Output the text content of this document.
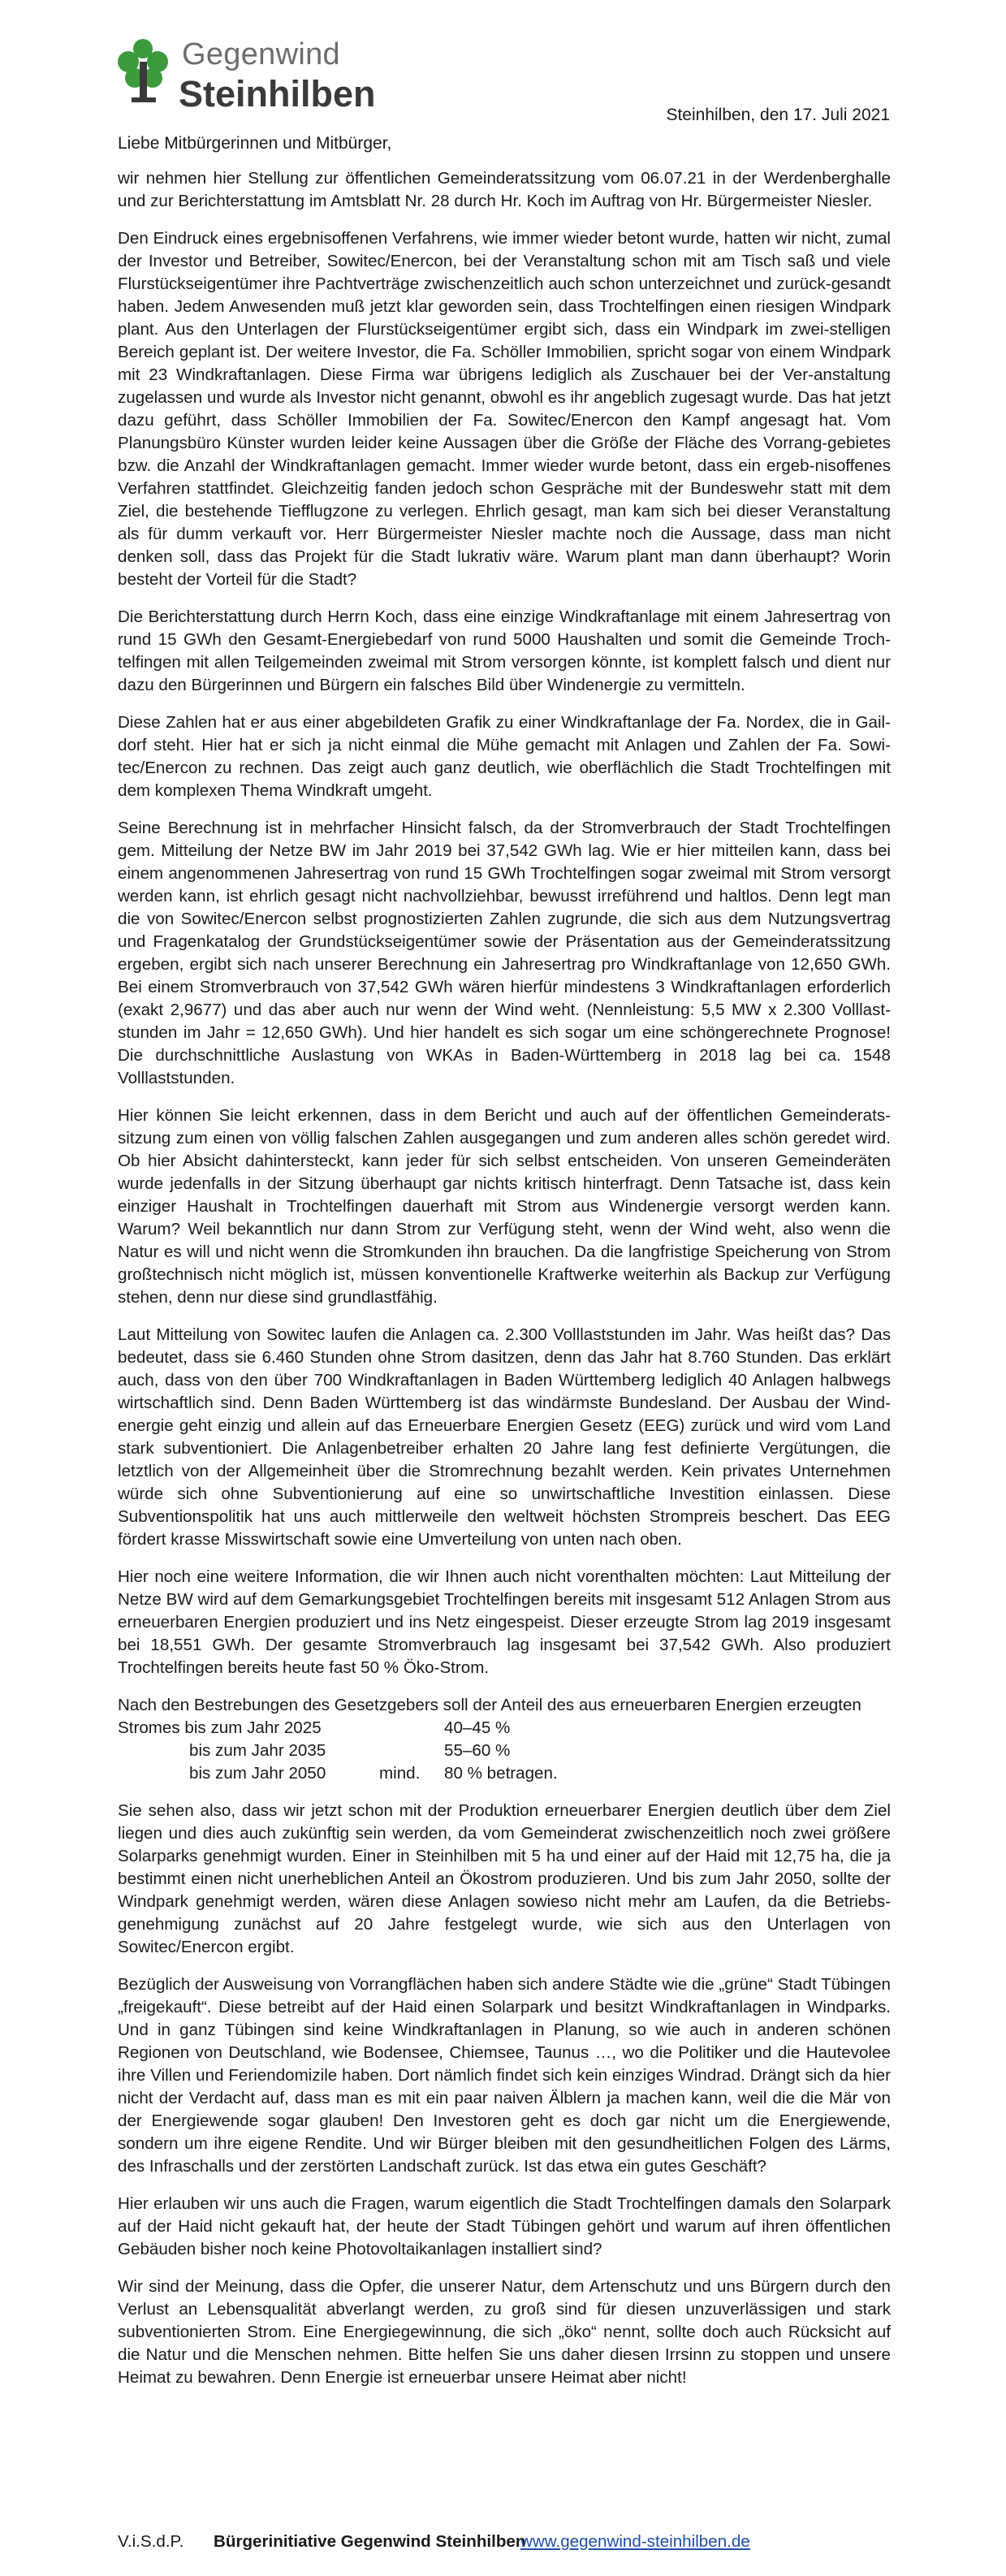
Gegenwind
Steinhilben
Steinhilben, den 17. Juli 2021
Liebe Mitbürgerinnen und Mitbürger,

wir nehmen hier Stellung zur öffentlichen Gemeinderatssitzung vom 06.07.21 in der Werdenberghalle und zur Berichterstattung im Amtsblatt Nr. 28 durch Hr. Koch im Auftrag von Hr. Bürgermeister Niesler.

Den Eindruck eines ergebnisoffenen Verfahrens, wie immer wieder betont wurde, hatten wir nicht, zumal der Investor und Betreiber, Sowitec/Enercon, bei der Veranstaltung schon mit am Tisch saß und viele Flurstückseigentümer ihre Pachtverträge zwischenzeitlich auch schon unterzeichnet und zurück-gesandt haben. Jedem Anwesenden muß jetzt klar geworden sein, dass Trochtelfingen einen riesigen Windpark plant. Aus den Unterlagen der Flurstückseigentümer ergibt sich, dass ein Windpark im zwei-stelligen Bereich geplant ist. Der weitere Investor, die Fa. Schöller Immobilien, spricht sogar von einem Windpark mit 23 Windkraftanlagen. Diese Firma war übrigens lediglich als Zuschauer bei der Ver-anstaltung zugelassen und wurde als Investor nicht genannt, obwohl es ihr angeblich zugesagt wurde. Das hat jetzt dazu geführt, dass Schöller Immobilien der Fa. Sowitec/Enercon den Kampf angesagt hat. Vom Planungsbüro Künster wurden leider keine Aussagen über die Größe der Fläche des Vorrang-gebietes bzw. die Anzahl der Windkraftanlagen gemacht. Immer wieder wurde betont, dass ein ergeb-nisoffenes Verfahren stattfindet. Gleichzeitig fanden jedoch schon Gespräche mit der Bundeswehr statt mit dem Ziel, die bestehende Tiefflugzone zu verlegen. Ehrlich gesagt, man kam sich bei dieser Veranstaltung als für dumm verkauft vor. Herr Bürgermeister Niesler machte noch die Aussage, dass man nicht denken soll, dass das Projekt für die Stadt lukrativ wäre. Warum plant man dann überhaupt? Worin besteht der Vorteil für die Stadt?

Die Berichterstattung durch Herrn Koch, dass eine einzige Windkraftanlage mit einem Jahresertrag von rund 15 GWh den Gesamt-Energiebedarf von rund 5000 Haushalten und somit die Gemeinde Troch-telfingen mit allen Teilgemeinden zweimal mit Strom versorgen könnte, ist komplett falsch und dient nur dazu den Bürgerinnen und Bürgern ein falsches Bild über Windenergie zu vermitteln.

Diese Zahlen hat er aus einer abgebildeten Grafik zu einer Windkraftanlage der Fa. Nordex, die in Gail-dorf steht. Hier hat er sich ja nicht einmal die Mühe gemacht mit Anlagen und Zahlen der Fa. Sowi-tec/Enercon zu rechnen. Das zeigt auch ganz deutlich, wie oberflächlich die Stadt Trochtelfingen mit dem komplexen Thema Windkraft umgeht.

Seine Berechnung ist in mehrfacher Hinsicht falsch, da der Stromverbrauch der Stadt Trochtelfingen gem. Mitteilung der Netze BW im Jahr 2019 bei 37,542 GWh lag. Wie er hier mitteilen kann, dass bei einem angenommenen Jahresertrag von rund 15 GWh Trochtelfingen sogar zweimal mit Strom versorgt werden kann, ist ehrlich gesagt nicht nachvollziehbar, bewusst irreführend und haltlos. Denn legt man die von Sowitec/Enercon selbst prognostizierten Zahlen zugrunde, die sich aus dem Nutzungsvertrag und Fragenkatalog der Grundstückseigentümer sowie der Präsentation aus der Gemeinderatssitzung ergeben, ergibt sich nach unserer Berechnung ein Jahresertrag pro Windkraftanlage von 12,650 GWh. Bei einem Stromverbrauch von 37,542 GWh wären hierfür mindestens 3 Windkraftanlagen erforderlich (exakt 2,9677) und das aber auch nur wenn der Wind weht. (Nennleistung: 5,5 MW x 2.300 Volllast-stunden im Jahr = 12,650 GWh). Und hier handelt es sich sogar um eine schöngerechnete Prognose! Die durchschnittliche Auslastung von WKAs in Baden-Württemberg in 2018 lag bei ca. 1548 Volllaststunden.

Hier können Sie leicht erkennen, dass in dem Bericht und auch auf der öffentlichen Gemeinderats-sitzung zum einen von völlig falschen Zahlen ausgegangen und zum anderen alles schön geredet wird. Ob hier Absicht dahintersteckt, kann jeder für sich selbst entscheiden. Von unseren Gemeinderäten wurde jedenfalls in der Sitzung überhaupt gar nichts kritisch hinterfragt. Denn Tatsache ist, dass kein einziger Haushalt in Trochtelfingen dauerhaft mit Strom aus Windenergie versorgt werden kann. Warum? Weil bekanntlich nur dann Strom zur Verfügung steht, wenn der Wind weht, also wenn die Natur es will und nicht wenn die Stromkunden ihn brauchen. Da die langfristige Speicherung von Strom großtechnisch nicht möglich ist, müssen konventionelle Kraftwerke weiterhin als Backup zur Verfügung stehen, denn nur diese sind grundlastfähig.

Laut Mitteilung von Sowitec laufen die Anlagen ca. 2.300 Volllaststunden im Jahr. Was heißt das? Das bedeutet, dass sie 6.460 Stunden ohne Strom dasitzen, denn das Jahr hat 8.760 Stunden. Das erklärt auch, dass von den über 700 Windkraftanlagen in Baden Württemberg lediglich 40 Anlagen halbwegs wirtschaftlich sind. Denn Baden Württemberg ist das windärmste Bundesland. Der Ausbau der Wind-energie geht einzig und allein auf das Erneuerbare Energien Gesetz (EEG) zurück und wird vom Land stark subventioniert. Die Anlagenbetreiber erhalten 20 Jahre lang fest definierte Vergütungen, die letztlich von der Allgemeinheit über die Stromrechnung bezahlt werden. Kein privates Unternehmen würde sich ohne Subventionierung auf eine so unwirtschaftliche Investition einlassen. Diese Subventionspolitik hat uns auch mittlerweile den weltweit höchsten Strompreis beschert. Das EEG fördert krasse Misswirtschaft sowie eine Umverteilung von unten nach oben.

Hier noch eine weitere Information, die wir Ihnen auch nicht vorenthalten möchten: Laut Mitteilung der Netze BW wird auf dem Gemarkungsgebiet Trochtelfingen bereits mit insgesamt 512 Anlagen Strom aus erneuerbaren Energien produziert und ins Netz eingespeist. Dieser erzeugte Strom lag 2019 insgesamt bei 18,551 GWh. Der gesamte Stromverbrauch lag insgesamt bei 37,542 GWh. Also produziert Trochtelfingen bereits heute fast 50 % Öko-Strom.

Nach den Bestrebungen des Gesetzgebers soll der Anteil des aus erneuerbaren Energien erzeugten
Stromes bis zum Jahr 2025	40–45 %
bis zum Jahr 2035	55–60 %
bis zum Jahr 2050	mind.	80 % betragen.

Sie sehen also, dass wir jetzt schon mit der Produktion erneuerbarer Energien deutlich über dem Ziel liegen und dies auch zukünftig sein werden, da vom Gemeinderat zwischenzeitlich noch zwei größere Solarparks genehmigt wurden. Einer in Steinhilben mit 5 ha und einer auf der Haid mit 12,75 ha, die ja bestimmt einen nicht unerheblichen Anteil an Ökostrom produzieren. Und bis zum Jahr 2050, sollte der Windpark genehmigt werden, wären diese Anlagen sowieso nicht mehr am Laufen, da die Betriebs-genehmigung zunächst auf 20 Jahre festgelegt wurde, wie sich aus den Unterlagen von Sowitec/Enercon ergibt.

Bezüglich der Ausweisung von Vorrangflächen haben sich andere Städte wie die „grüne“ Stadt Tübingen „freigekauft“. Diese betreibt auf der Haid einen Solarpark und besitzt Windkraftanlagen in Windparks. Und in ganz Tübingen sind keine Windkraftanlagen in Planung, so wie auch in anderen schönen Regionen von Deutschland, wie Bodensee, Chiemsee, Taunus …, wo die Politiker und die Hautevolee ihre Villen und Feriendomizile haben. Dort nämlich findet sich kein einziges Windrad. Drängt sich da hier nicht der Verdacht auf, dass man es mit ein paar naiven Älblern ja machen kann, weil die die Mär von der Energiewende sogar glauben! Den Investoren geht es doch gar nicht um die Energiewende, sondern um ihre eigene Rendite. Und wir Bürger bleiben mit den gesundheitlichen Folgen des Lärms, des Infraschalls und der zerstörten Landschaft zurück. Ist das etwa ein gutes Geschäft?

Hier erlauben wir uns auch die Fragen, warum eigentlich die Stadt Trochtelfingen damals den Solarpark auf der Haid nicht gekauft hat, der heute der Stadt Tübingen gehört und warum auf ihren öffentlichen Gebäuden bisher noch keine Photovoltaikanlagen installiert sind?

Wir sind der Meinung, dass die Opfer, die unserer Natur, dem Artenschutz und uns Bürgern durch den Verlust an Lebensqualität abverlangt werden, zu groß sind für diesen unzuverlässigen und stark subventionierten Strom. Eine Energiegewinnung, die sich „öko“ nennt, sollte doch auch Rücksicht auf die Natur und die Menschen nehmen. Bitte helfen Sie uns daher diesen Irrsinn zu stoppen und unsere Heimat zu bewahren. Denn Energie ist erneuerbar unsere Heimat aber nicht!

V.i.S.d.P.	Bürgerinitiative Gegenwind Steinhilben
www.gegenwind-steinhilben.de
